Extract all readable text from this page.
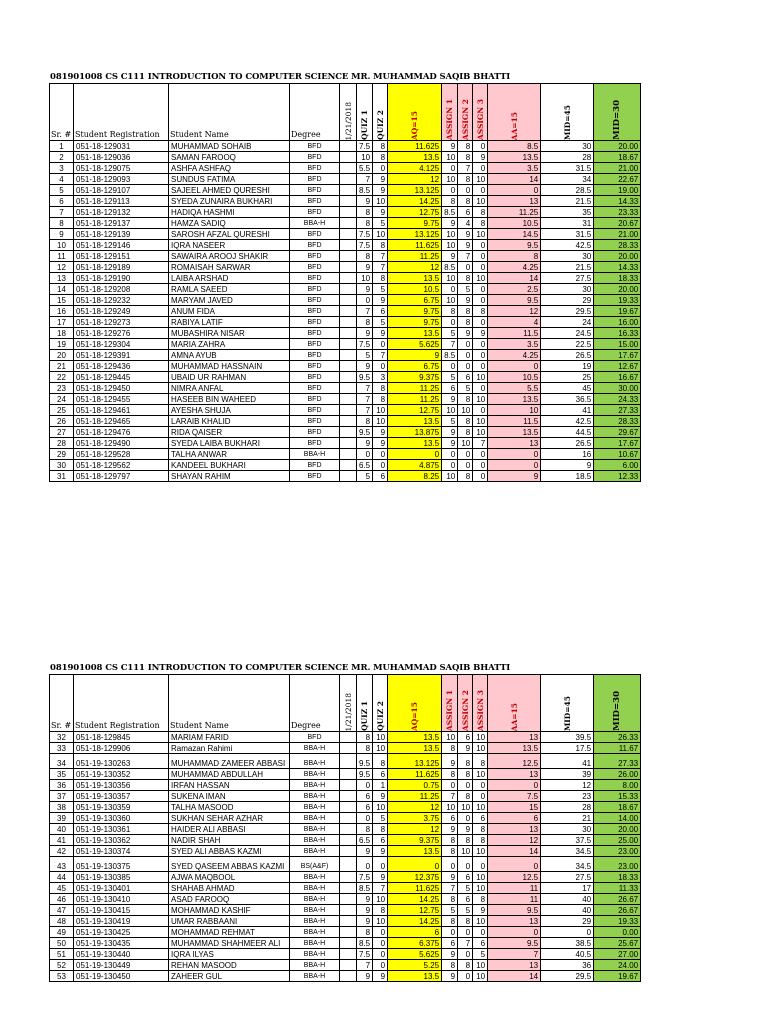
081901008 CS C111 INTRODUCTION TO COMPUTER SCIENCE MR. MUHAMMAD SAQIB BHATTI
Sr. #	Student Registration	Student Name	Degree	1/21/2018	QUIZ 1	QUIZ 2	AQ=15	ASSIGN 1	ASSIGN 2	ASSIGN 3	AA=15	MID=45	MID=30

1	051-18-129031	MUHAMMAD SOHAIB	BFD		7.5	8	11.625	9	8	0	8.5	30	20.00
2	051-18-129036	SAMAN FAROOQ	BFD		10	8	13.5	10	8	9	13.5	28	18.67
3	051-18-129075	ASHFA ASHFAQ	BFD		5.5	0	4.125	0	7	0	3.5	31.5	21.00
4	051-18-129093	SUNDUS FATIMA	BFD		7	9	12	10	8	10	14	34	22.67
5	051-18-129107	SAJEEL AHMED QURESHI	BFD		8.5	9	13.125	0	0	0	0	28.5	19.00
6	051-18-129113	SYEDA ZUNAIRA BUKHARI	BFD		9	10	14.25	8	8	10	13	21.5	14.33
7	051-18-129132	HADIQA HASHMI	BFD		8	9	12.75	8.5	6	8	11.25	35	23.33
8	051-18-129137	HAMZA SADIQ	BBA-H		8	5	9.75	9	4	8	10.5	31	20.67
9	051-18-129139	SAROSH AFZAL QURESHI	BFD		7.5	10	13.125	10	9	10	14.5	31.5	21.00
10	051-18-129146	IQRA NASEER	BFD		7.5	8	11.625	10	9	0	9.5	42.5	28.33
11	051-18-129151	SAWAIRA AROOJ SHAKIR	BFD		8	7	11.25	9	7	0	8	30	20.00
12	051-18-129189	ROMAISAH SARWAR	BFD		9	7	12	8.5	0	0	4.25	21.5	14.33
13	051-18-129190	LAIBA ARSHAD	BFD		10	8	13.5	10	8	10	14	27.5	18.33
14	051-18-129208	RAMLA SAEED	BFD		9	5	10.5	0	5	0	2.5	30	20.00
15	051-18-129232	MARYAM JAVED	BFD		0	9	6.75	10	9	0	9.5	29	19.33
16	051-18-129249	ANUM FIDA	BFD		7	6	9.75	8	8	8	12	29.5	19.67
17	051-18-129273	RABIYA LATIF	BFD		8	5	9.75	0	8	0	4	24	16.00
18	051-18-129276	MUBASHIRA NISAR	BFD		9	9	13.5	5	9	9	11.5	24.5	16.33
19	051-18-129304	MARIA ZAHRA	BFD		7.5	0	5.625	7	0	0	3.5	22.5	15.00
20	051-18-129391	AMNA AYUB	BFD		5	7	9	8.5	0	0	4.25	26.5	17.67
21	051-18-129436	MUHAMMAD HASSNAIN	BFD		9	0	6.75	0	0	0	0	19	12.67
22	051-18-129445	UBAID UR RAHMAN	BFD		9.5	3	9.375	5	6	10	10.5	25	16.67
23	051-18-129450	NIMRA ANFAL	BFD		7	8	11.25	6	5	0	5.5	45	30.00
24	051-18-129455	HASEEB BIN WAHEED	BFD		7	8	11.25	9	8	10	13.5	36.5	24.33
25	051-18-129461	AYESHA SHUJA	BFD		7	10	12.75	10	10	0	10	41	27.33
26	051-18-129465	LARAIB KHALID	BFD		8	10	13.5	5	8	10	11.5	42.5	28.33
27	051-18-129476	RIDA QAISER	BFD		9.5	9	13.875	9	8	10	13.5	44.5	29.67
28	051-18-129490	SYEDA LAIBA BUKHARI	BFD		9	9	13.5	9	10	7	13	26.5	17.67
29	051-18-129528	TALHA ANWAR	BBA-H		0	0	0	0	0	0	0	16	10.67
30	051-18-129562	KANDEEL BUKHARI	BFD		6.5	0	4.875	0	0	0	0	9	6.00
31	051-18-129797	SHAYAN RAHIM	BFD		5	6	8.25	10	8	0	9	18.5	12.33
081901008 CS C111 INTRODUCTION TO COMPUTER SCIENCE MR. MUHAMMAD SAQIB BHATTI
Sr. #	Student Registration	Student Name	Degree	1/21/2018	QUIZ 1	QUIZ 2	AQ=15	ASSIGN 1	ASSIGN 2	ASSIGN 3	AA=15	MID=45	MID=30

32	051-18-129845	MARIAM FARID	BFD		8	10	13.5	10	6	10	13	39.5	26.33
33	051-18-129906	Ramazan Rahimi	BBA-H		8	10	13.5	8	9	10	13.5	17.5	11.67
34	051-19-130263	MUHAMMAD ZAMEER ABBASI	BBA-H		9.5	8	13.125	9	8	8	12.5	41	27.33
35	051-19-130352	MUHAMMAD ABDULLAH	BBA-H		9.5	6	11.625	8	8	10	13	39	26.00
36	051-19-130356	IRFAN HASSAN	BBA-H		0	1	0.75	0	0	0	0	12	8.00
37	051-19-130357	SUKENA IMAN	BBA-H		6	9	11.25	7	8	0	7.5	23	15.33
38	051-19-130359	TALHA MASOOD	BBA-H		6	10	12	10	10	10	15	28	18.67
39	051-19-130360	SUKHAN SEHAR AZHAR	BBA-H		0	5	3.75	6	0	6	6	21	14.00
40	051-19-130361	HAIDER ALI ABBASI	BBA-H		8	8	12	9	9	8	13	30	20.00
41	051-19-130362	NADIR SHAH	BBA-H		6.5	6	9.375	8	8	8	12	37.5	25.00
42	051-19-130374	SYED ALI ABBAS KAZMI	BBA-H		9	9	13.5	8	10	10	14	34.5	23.00
43	051-19-130375	SYED QASEEM ABBAS KAZMI	BS(A&F)		0	0	0	0	0	0	0	34.5	23.00
44	051-19-130385	AJWA MAQBOOL	BBA-H		7.5	9	12.375	9	6	10	12.5	27.5	18.33
45	051-19-130401	SHAHAB AHMAD	BBA-H		8.5	7	11.625	7	5	10	11	17	11.33
46	051-19-130410	ASAD FAROOQ	BBA-H		9	10	14.25	8	6	8	11	40	26.67
47	051-19-130415	MOHAMMAD KASHIF	BBA-H		9	8	12.75	5	5	9	9.5	40	26.67
48	051-19-130419	UMAR RABBAANI	BBA-H		9	10	14.25	8	8	10	13	29	19.33
49	051-19-130425	MOHAMMAD REHMAT	BBA-H		8	0	6	0	0	0	0	0	0.00
50	051-19-130435	MUHAMMAD SHAHMEER ALI	BBA-H		8.5	0	6.375	6	7	6	9.5	38.5	25.67
51	051-19-130440	IQRA ILYAS	BBA-H		7.5	0	5.625	9	0	5	7	40.5	27.00
52	051-19-130449	REHAN MASOOD	BBA-H		7	0	5.25	8	8	10	13	36	24.00
53	051-19-130450	ZAHEER GUL	BBA-H		9	9	13.5	9	0	10	14	29.5	19.67
